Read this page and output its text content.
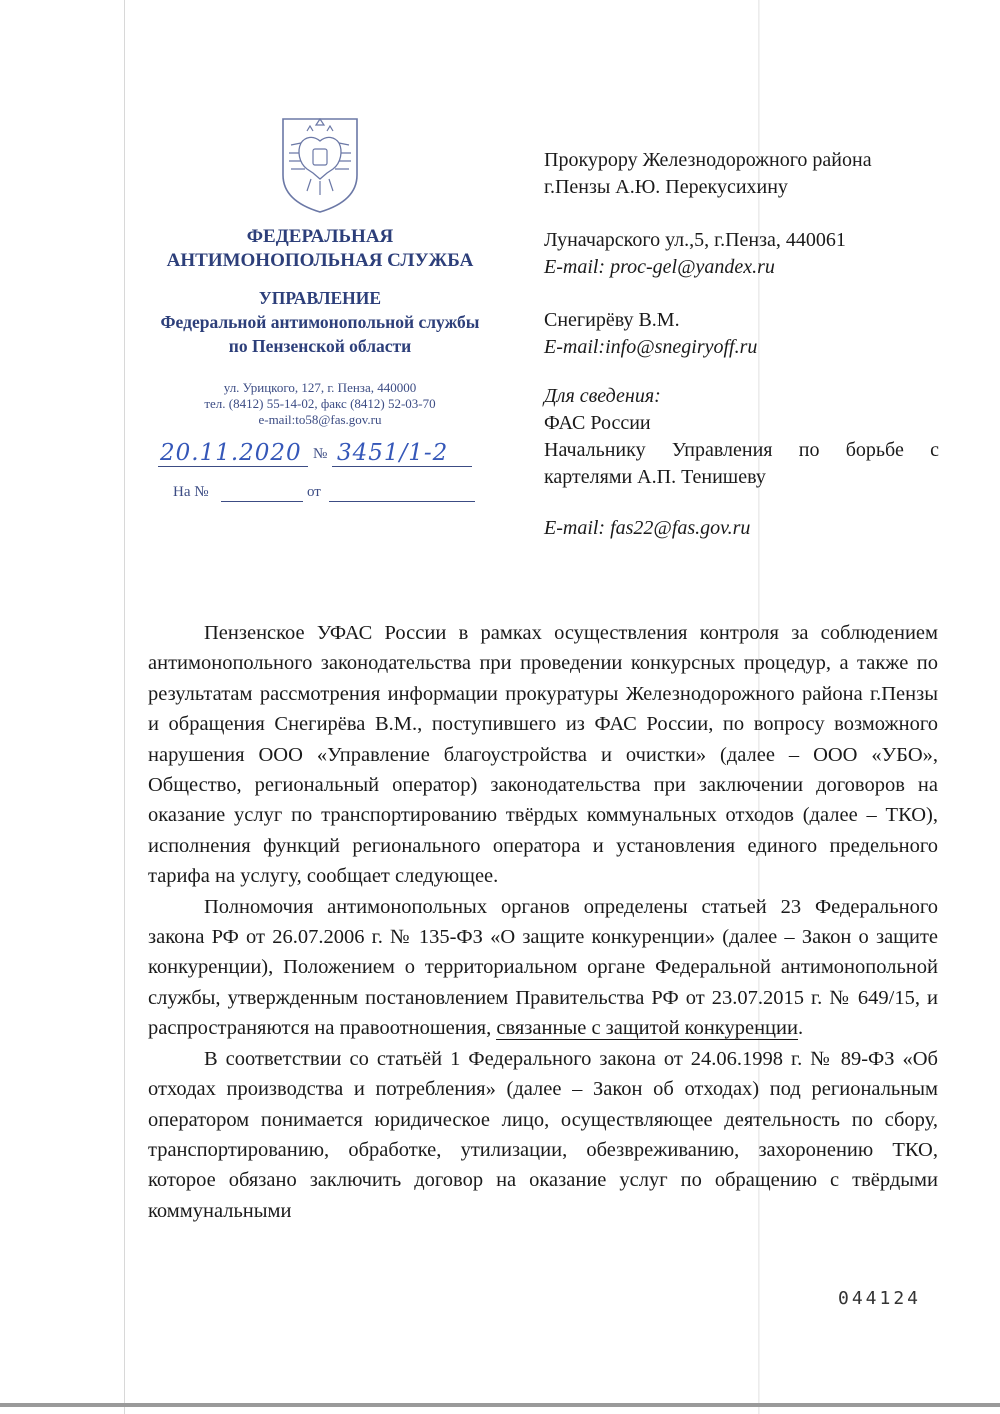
ФЕДЕРАЛЬНАЯ
АНТИМОНОПОЛЬНАЯ СЛУЖБА
УПРАВЛЕНИЕ
Федеральной антимонопольной службы
по Пензенской области
ул. Урицкого, 127, г. Пенза, 440000
тел. (8412) 55-14-02, факс (8412) 52-03-70
e-mail:to58@fas.gov.ru
20.11.2020 № 3451/1-2
На №	от
Прокурору Железнодорожного района
г.Пензы А.Ю. Перекусихину
Луначарского ул.,5, г.Пенза, 440061
E-mail: proc-gel@yandex.ru
Снегирёву В.М.
E-mail:info@snegiryoff.ru
Для сведения:
ФАС России
Начальнику Управления по борьбе с
картелями А.П. Тенишеву
E-mail: fas22@fas.gov.ru

Пензенское УФАС России в рамках осуществления контроля за соблюдением антимонопольного законодательства при проведении конкурсных процедур, а также по результатам рассмотрения информации прокуратуры Железнодорожного района г.Пензы и обращения Снегирёва В.М., поступившего из ФАС России, по вопросу возможного нарушения ООО «Управление благоустройства и очистки» (далее – ООО «УБО», Общество, региональный оператор) законодательства при заключении договоров на оказание услуг по транспортированию твёрдых коммунальных отходов (далее – ТКО), исполнения функций регионального оператора и установления единого предельного тарифа на услугу, сообщает следующее.

Полномочия антимонопольных органов определены статьей 23 Федерального закона РФ от 26.07.2006 г. № 135-ФЗ «О защите конкуренции» (далее – Закон о защите конкуренции), Положением о территориальном органе Федеральной антимонопольной службы, утвержденным постановлением Правительства РФ от 23.07.2015 г. № 649/15, и распространяются на правоотношения, связанные с защитой конкуренции.

В соответствии со статьёй 1 Федерального закона от 24.06.1998 г. № 89-ФЗ «Об отходах производства и потребления» (далее – Закон об отходах) под региональным оператором понимается юридическое лицо, осуществляющее деятельность по сбору, транспортированию, обработке, утилизации, обезвреживанию, захоронению ТКО, которое обязано заключить договор на оказание услуг по обращению с твёрдыми коммунальными

044124
